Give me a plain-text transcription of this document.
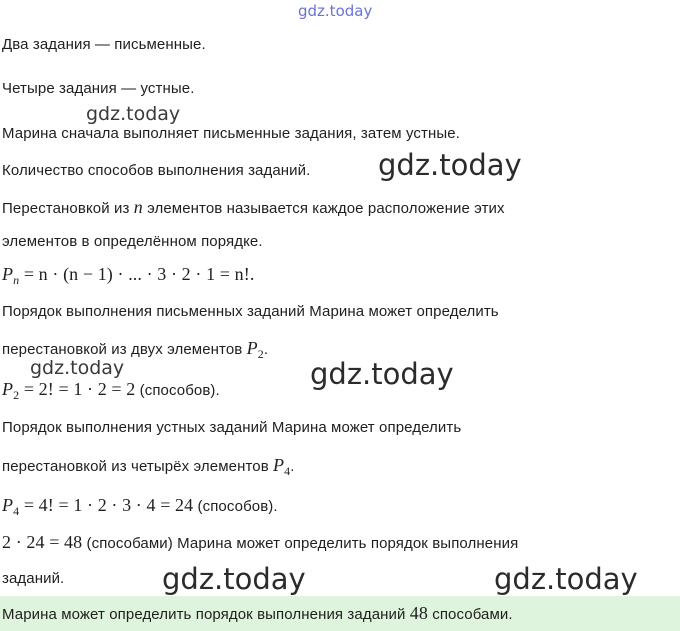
gdz.today
gdz.today
gdz.today
gdz.today	gdz.today
Два задания — письменные.
Четыре задания — устные.
Марина сначала выполняет письменные задания, затем устные.
Количество способов выполнения заданий.
Перестановкой из n элементов называется каждое расположение этих
элементов в определённом порядке.
$P_n = n \cdot (n - 1)$ · ... · 3 · 2 · 1 = n!.
Порядок выполнения письменных заданий Марина может определить
перестановкой из двух элементов $P_2$.
$P_2 = 2$! = 1 · 2 = 2 (способов).
Порядок выполнения устных заданий Марина может определить
перестановкой из четырёх элементов $P_4$.
$P_4 = 4$! = 1 · 2 · 3 · 4 = 24 (способов).
2 · 24 = 48 (способами) Марина может определить порядок выполнения
заданий.	gdz.today	gdz.today
Марина может определить порядок выполнения заданий 48 способами.
